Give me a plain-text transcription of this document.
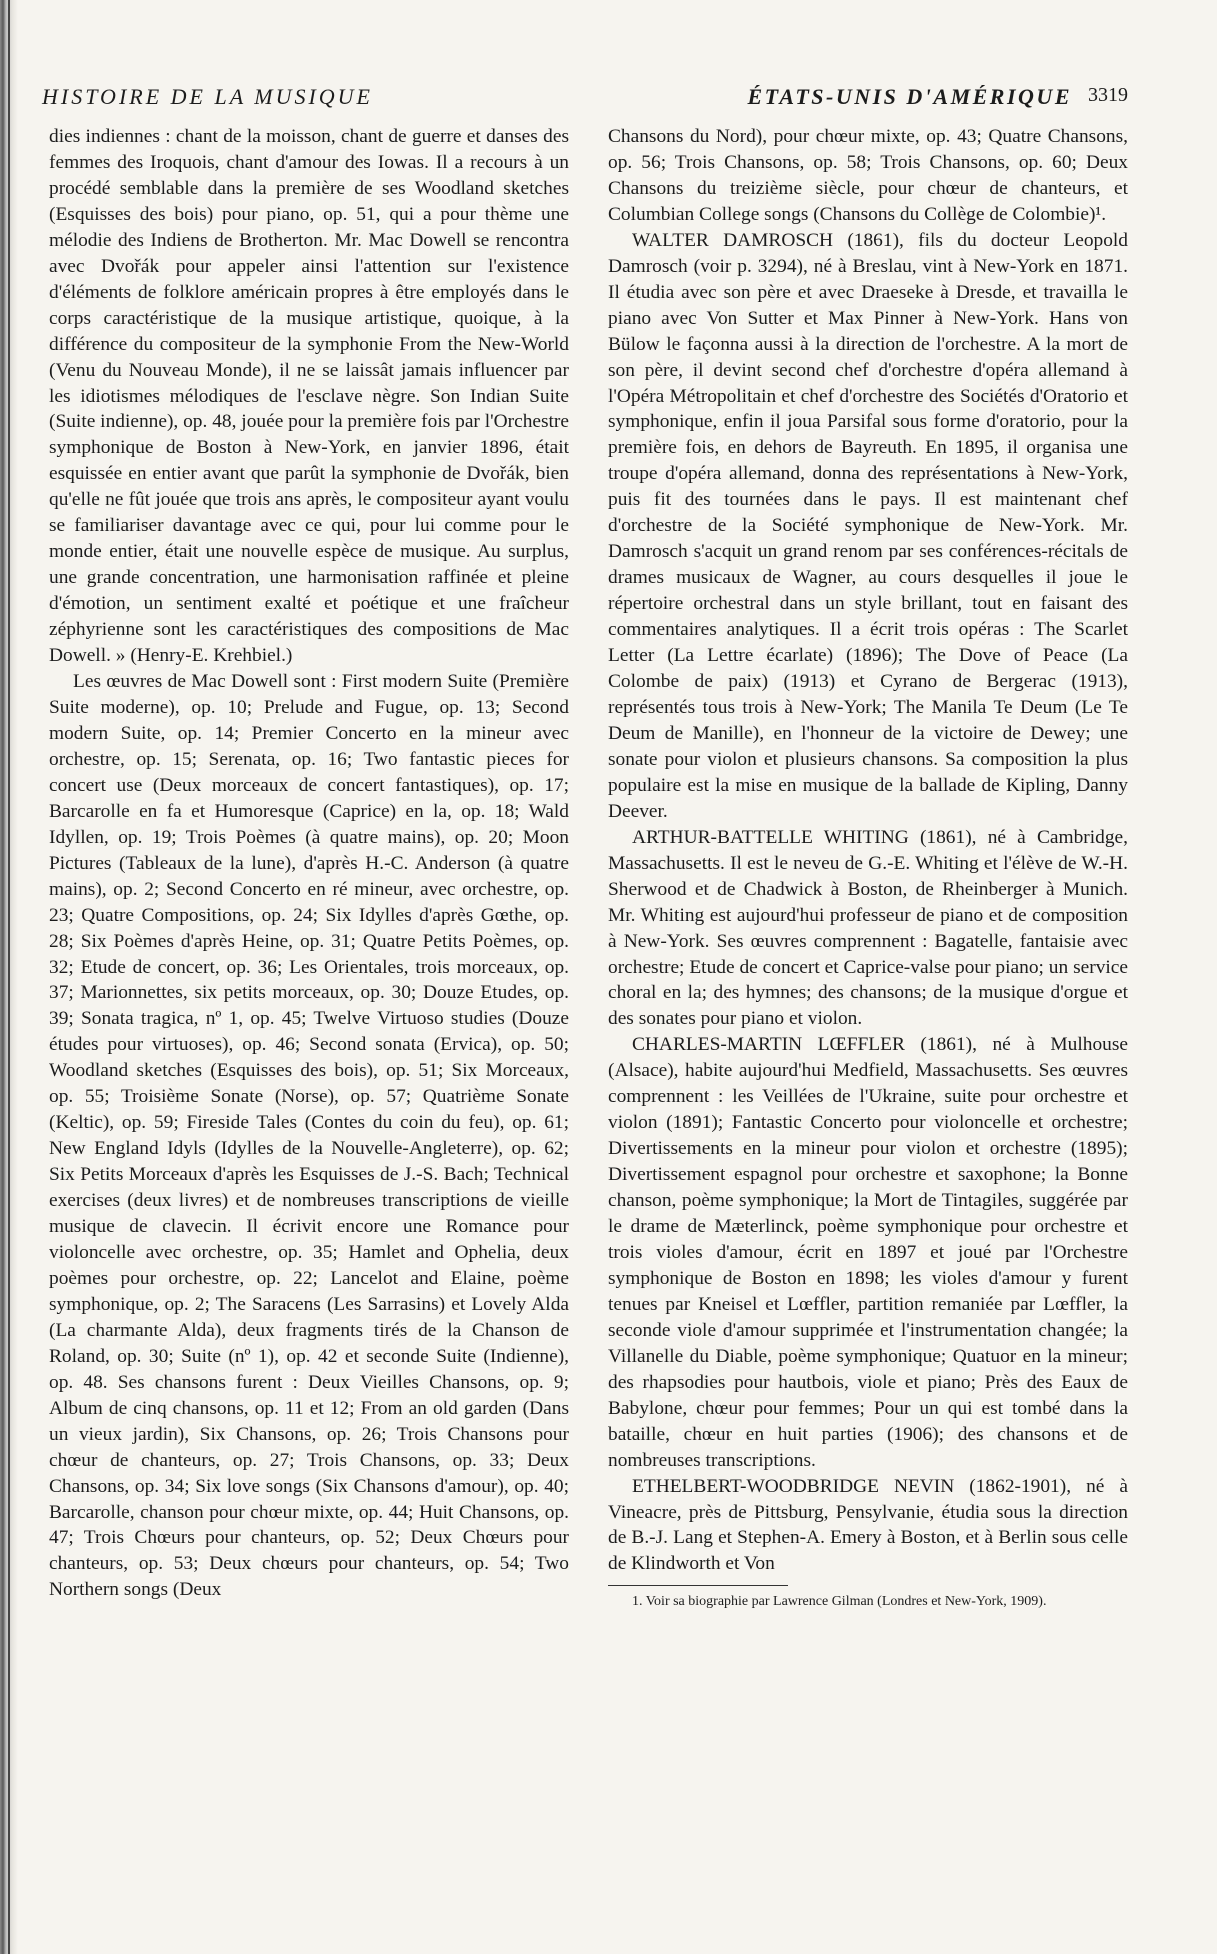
HISTOIRE DE LA MUSIQUE	ÉTATS-UNIS D'AMÉRIQUE 3319

dies indiennes : chant de la moisson, chant de guerre et danses des femmes des Iroquois, chant d'amour des Iowas. Il a recours à un procédé semblable dans la première de ses Woodland sketches (Esquisses des bois) pour piano, op. 51, qui a pour thème une mélodie des Indiens de Brotherton. Mr. Mac Dowell se rencontra avec Dvořák pour appeler ainsi l'attention sur l'existence d'éléments de folklore américain propres à être employés dans le corps caractéristique de la musique artistique, quoique, à la différence du compositeur de la symphonie From the New-World (Venu du Nouveau Monde), il ne se laissât jamais influencer par les idiotismes mélodiques de l'esclave nègre. Son Indian Suite (Suite indienne), op. 48, jouée pour la première fois par l'Orchestre symphonique de Boston à New-York, en janvier 1896, était esquissée en entier avant que parût la symphonie de Dvořák, bien qu'elle ne fût jouée que trois ans après, le compositeur ayant voulu se familiariser davantage avec ce qui, pour lui comme pour le monde entier, était une nouvelle espèce de musique. Au surplus, une grande concentration, une harmonisation raffinée et pleine d'émotion, un sentiment exalté et poétique et une fraîcheur zéphyrienne sont les caractéristiques des compositions de Mac Dowell. » (Henry-E. Krehbiel.)

Les œuvres de Mac Dowell sont : First modern Suite (Première Suite moderne), op. 10; Prelude and Fugue, op. 13; Second modern Suite, op. 14; Premier Concerto en la mineur avec orchestre, op. 15; Serenata, op. 16; Two fantastic pieces for concert use (Deux morceaux de concert fantastiques), op. 17; Barcarolle en fa et Humoresque (Caprice) en la, op. 18; Wald Idyllen, op. 19; Trois Poèmes (à quatre mains), op. 20; Moon Pictures (Tableaux de la lune), d'après H.-C. Anderson (à quatre mains), op. 2; Second Concerto en ré mineur, avec orchestre, op. 23; Quatre Compositions, op. 24; Six Idylles d'après Gœthe, op. 28; Six Poèmes d'après Heine, op. 31; Quatre Petits Poèmes, op. 32; Etude de concert, op. 36; Les Orientales, trois morceaux, op. 37; Marionnettes, six petits morceaux, op. 30; Douze Etudes, op. 39; Sonata tragica, nº 1, op. 45; Twelve Virtuoso studies (Douze études pour virtuoses), op. 46; Second sonata (Ervica), op. 50; Woodland sketches (Esquisses des bois), op. 51; Six Morceaux, op. 55; Troisième Sonate (Norse), op. 57; Quatrième Sonate (Keltic), op. 59; Fireside Tales (Contes du coin du feu), op. 61; New England Idyls (Idylles de la Nouvelle-Angleterre), op. 62; Six Petits Morceaux d'après les Esquisses de J.-S. Bach; Technical exercises (deux livres) et de nombreuses transcriptions de vieille musique de clavecin. Il écrivit encore une Romance pour violoncelle avec orchestre, op. 35; Hamlet and Ophelia, deux poèmes pour orchestre, op. 22; Lancelot and Elaine, poème symphonique, op. 2; The Saracens (Les Sarrasins) et Lovely Alda (La charmante Alda), deux fragments tirés de la Chanson de Roland, op. 30; Suite (nº 1), op. 42 et seconde Suite (Indienne), op. 48. Ses chansons furent : Deux Vieilles Chansons, op. 9; Album de cinq chansons, op. 11 et 12; From an old garden (Dans un vieux jardin), Six Chansons, op. 26; Trois Chansons pour chœur de chanteurs, op. 27; Trois Chansons, op. 33; Deux Chansons, op. 34; Six love songs (Six Chansons d'amour), op. 40; Barcarolle, chanson pour chœur mixte, op. 44; Huit Chansons, op. 47; Trois Chœurs pour chanteurs, op. 52; Deux Chœurs pour chanteurs, op. 53; Deux chœurs pour chanteurs, op. 54; Two Northern songs (Deux

Chansons du Nord), pour chœur mixte, op. 43; Quatre Chansons, op. 56; Trois Chansons, op. 58; Trois Chansons, op. 60; Deux Chansons du treizième siècle, pour chœur de chanteurs, et Columbian College songs (Chansons du Collège de Colombie)¹.

WALTER DAMROSCH (1861), fils du docteur Leopold Damrosch (voir p. 3294), né à Breslau, vint à New-York en 1871. Il étudia avec son père et avec Draeseke à Dresde, et travailla le piano avec Von Sutter et Max Pinner à New-York. Hans von Bülow le façonna aussi à la direction de l'orchestre. A la mort de son père, il devint second chef d'orchestre d'opéra allemand à l'Opéra Métropolitain et chef d'orchestre des Sociétés d'Oratorio et symphonique, enfin il joua Parsifal sous forme d'oratorio, pour la première fois, en dehors de Bayreuth. En 1895, il organisa une troupe d'opéra allemand, donna des représentations à New-York, puis fit des tournées dans le pays. Il est maintenant chef d'orchestre de la Société symphonique de New-York. Mr. Damrosch s'acquit un grand renom par ses conférences-récitals de drames musicaux de Wagner, au cours desquelles il joue le répertoire orchestral dans un style brillant, tout en faisant des commentaires analytiques. Il a écrit trois opéras : The Scarlet Letter (La Lettre écarlate) (1896); The Dove of Peace (La Colombe de paix) (1913) et Cyrano de Bergerac (1913), représentés tous trois à New-York; The Manila Te Deum (Le Te Deum de Manille), en l'honneur de la victoire de Dewey; une sonate pour violon et plusieurs chansons. Sa composition la plus populaire est la mise en musique de la ballade de Kipling, Danny Deever.

ARTHUR-BATTELLE WHITING (1861), né à Cambridge, Massachusetts. Il est le neveu de G.-E. Whiting et l'élève de W.-H. Sherwood et de Chadwick à Boston, de Rheinberger à Munich. Mr. Whiting est aujourd'hui professeur de piano et de composition à New-York. Ses œuvres comprennent : Bagatelle, fantaisie avec orchestre; Etude de concert et Caprice-valse pour piano; un service choral en la; des hymnes; des chansons; de la musique d'orgue et des sonates pour piano et violon.

CHARLES-MARTIN LŒFFLER (1861), né à Mulhouse (Alsace), habite aujourd'hui Medfield, Massachusetts. Ses œuvres comprennent : les Veillées de l'Ukraine, suite pour orchestre et violon (1891); Fantastic Concerto pour violoncelle et orchestre; Divertissements en la mineur pour violon et orchestre (1895); Divertissement espagnol pour orchestre et saxophone; la Bonne chanson, poème symphonique; la Mort de Tintagiles, suggérée par le drame de Mæterlinck, poème symphonique pour orchestre et trois violes d'amour, écrit en 1897 et joué par l'Orchestre symphonique de Boston en 1898; les violes d'amour y furent tenues par Kneisel et Lœffler, partition remaniée par Lœffler, la seconde viole d'amour supprimée et l'instrumentation changée; la Villanelle du Diable, poème symphonique; Quatuor en la mineur; des rhapsodies pour hautbois, viole et piano; Près des Eaux de Babylone, chœur pour femmes; Pour un qui est tombé dans la bataille, chœur en huit parties (1906); des chansons et de nombreuses transcriptions.

ETHELBERT-WOODBRIDGE NEVIN (1862-1901), né à Vineacre, près de Pittsburg, Pensylvanie, étudia sous la direction de B.-J. Lang et Stephen-A. Emery à Boston, et à Berlin sous celle de Klindworth et Von

1. Voir sa biographie par Lawrence Gilman (Londres et New-York, 1909).
